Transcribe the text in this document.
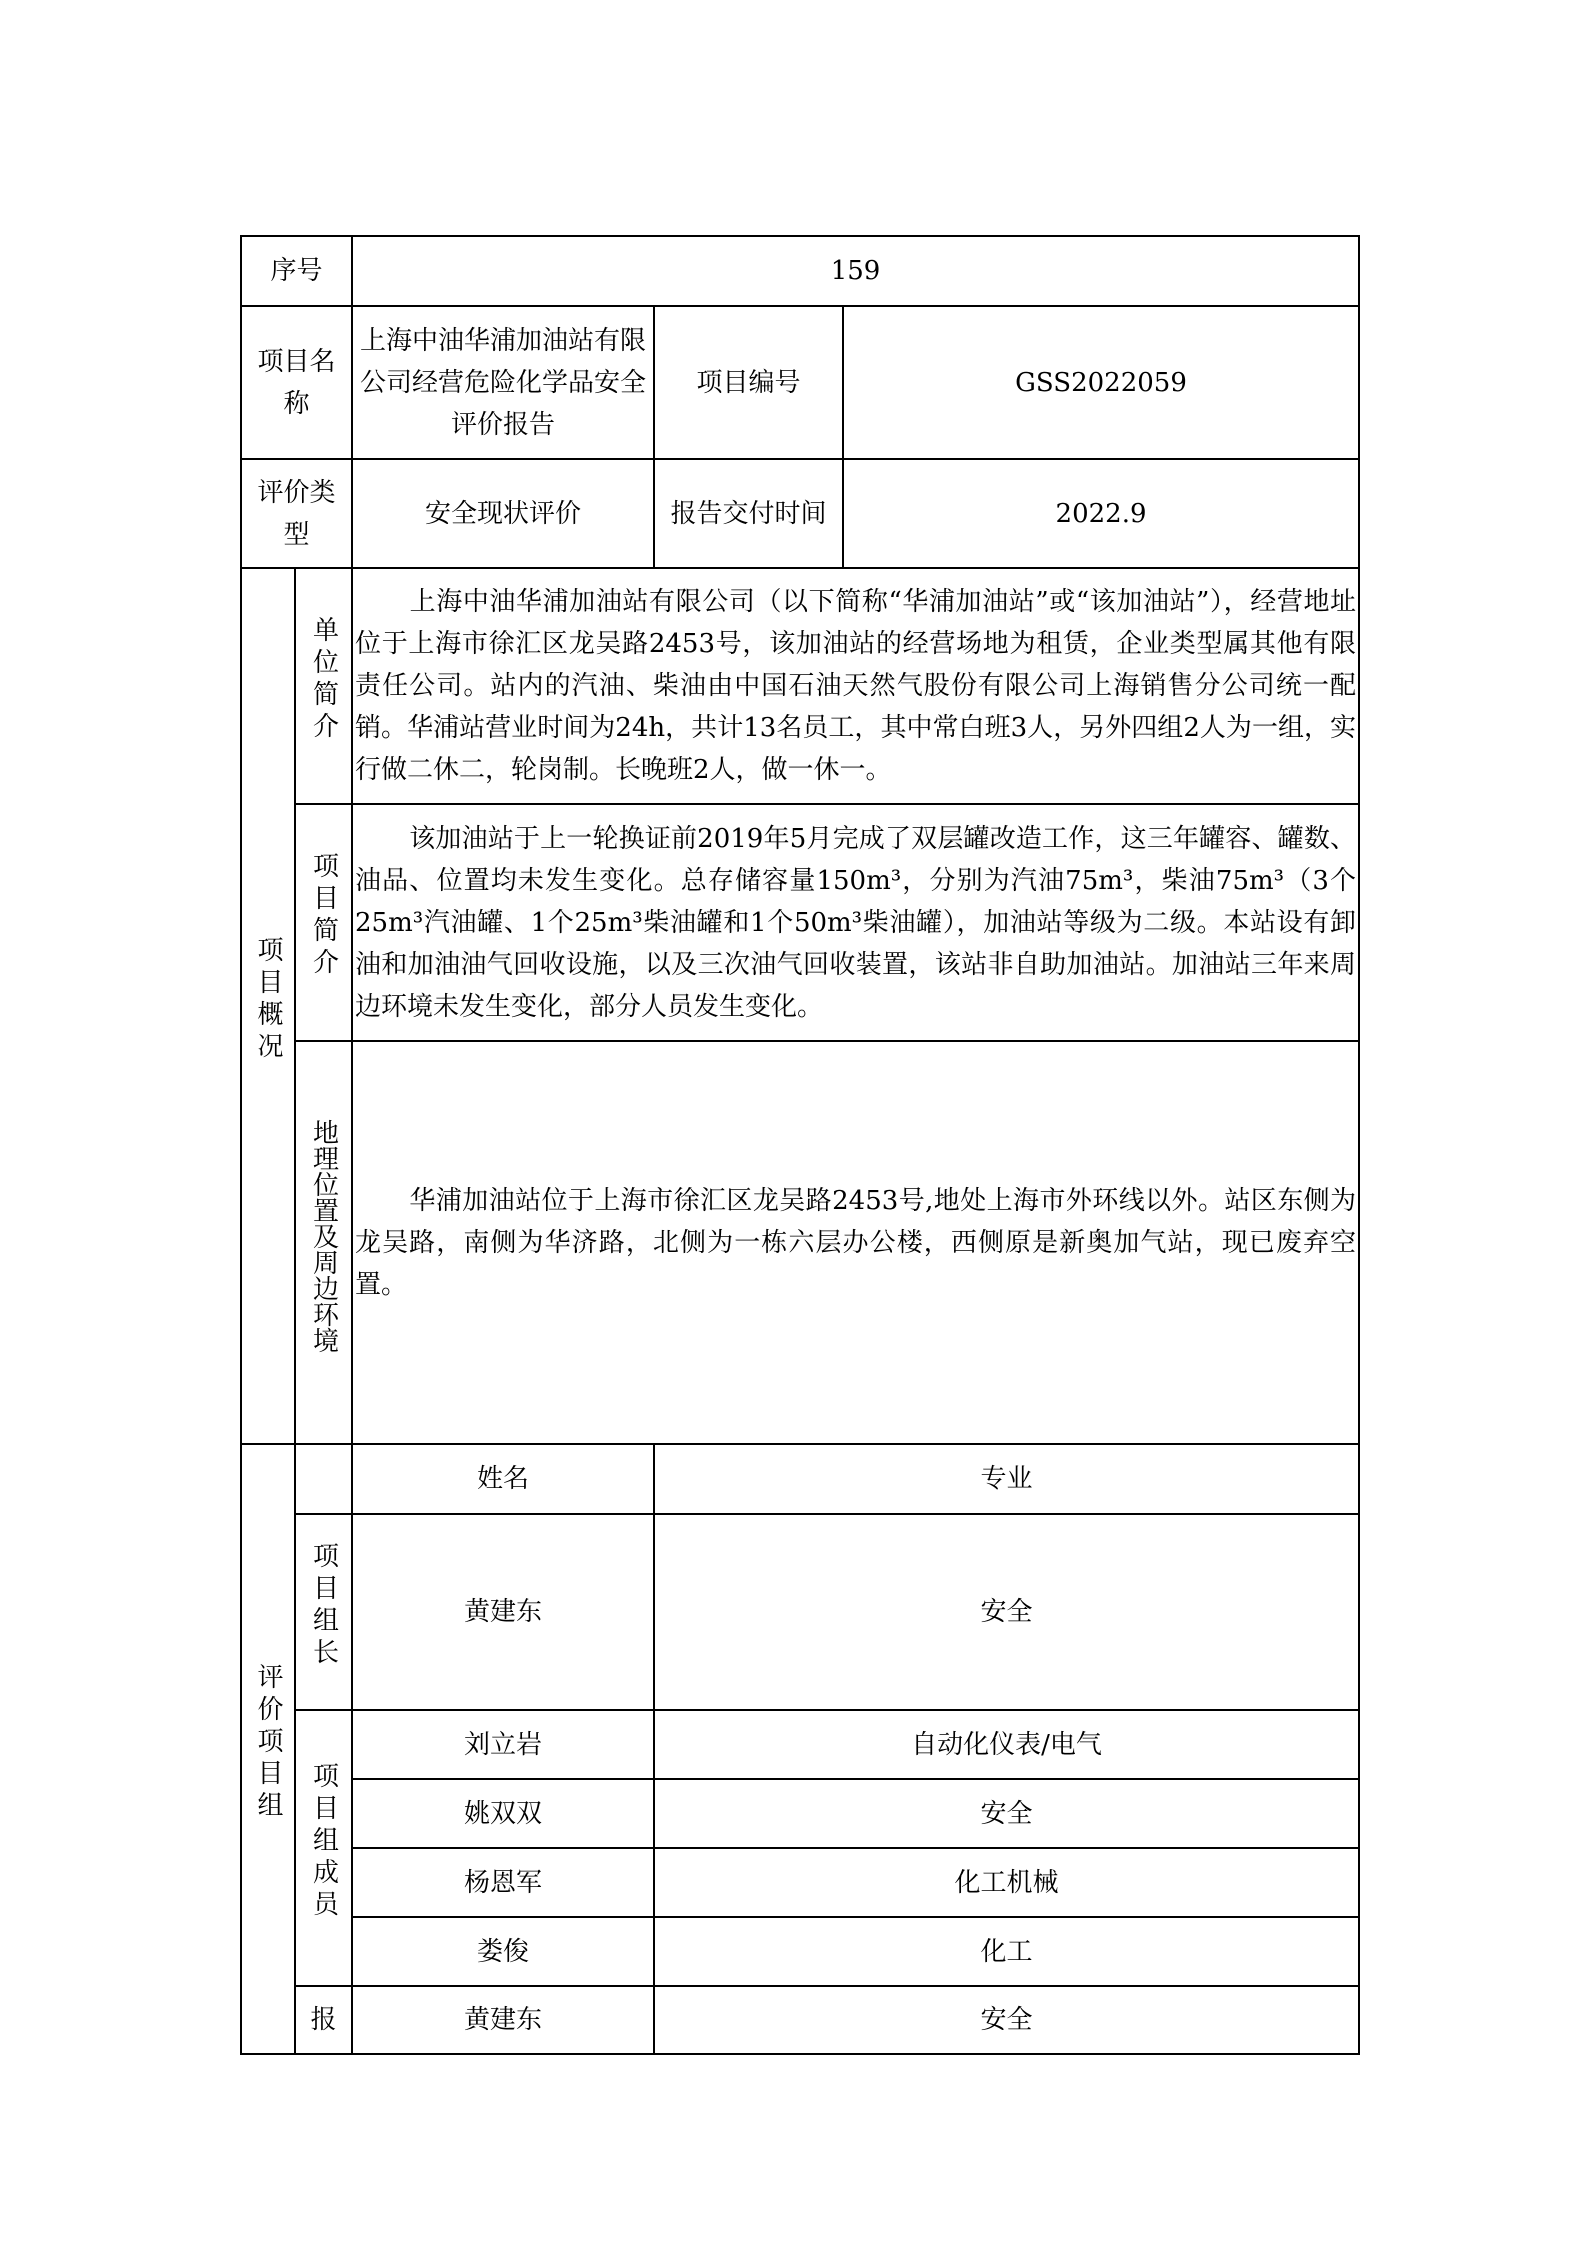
序号		159		
项目名称		上海中油华浦加油站有限公司经营危险化学品安全评价报告	项目编号	GSS2022059
评价类型		安全现状评价	报告交付时间	2022.9
项目概况	单位简介	上海中油华浦加油站有限公司（以下简称“华浦加油站”或“该加油站”），经营地址位于上海市徐汇区龙吴路2453号，该加油站的经营场地为租赁，企业类型属其他有限责任公司。站内的汽油、柴油由中国石油天然气股份有限公司上海销售分公司统一配销。华浦站营业时间为24h，共计13名员工，其中常白班3人，另外四组2人为一组，实行做二休二，轮岗制。长晚班2人，做一休一。		
	项目简介	该加油站于上一轮换证前2019年5月完成了双层罐改造工作，这三年罐容、罐数、油品、位置均未发生变化。总存储容量150m³，分别为汽油75m³，柴油75m³（3个25m³汽油罐、1个25m³柴油罐和1个50m³柴油罐），加油站等级为二级。本站设有卸油和加油油气回收设施，以及三次油气回收装置，该站非自助加油站。加油站三年来周边环境未发生变化，部分人员发生变化。		
	地理位置及周边环境	华浦加油站位于上海市徐汇区龙吴路2453号,地处上海市外环线以外。站区东侧为龙吴路，南侧为华济路，北侧为一栋六层办公楼，西侧原是新奥加气站，现已废弃空置。		
评价项目组		姓名	专业	
	项目组长	黄建东	安全	
	项目组成员	刘立岩	自动化仪表/电气	
		姚双双	安全	
		杨恩军	化工机械	
		娄俊	化工	
	报	黄建东	安全	
